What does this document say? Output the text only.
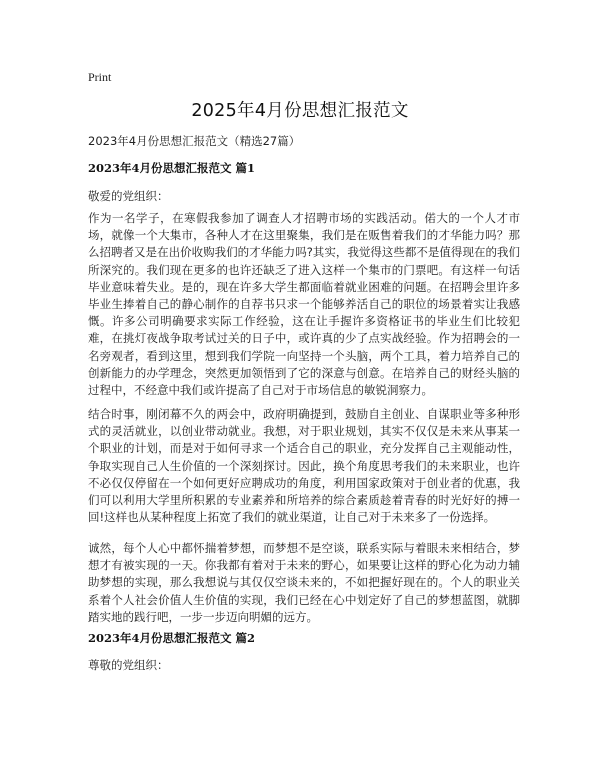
Print
2025年4月份思想汇报范文
2023年4月份思想汇报范文（精选27篇）
2023年4月份思想汇报范文 篇1
敬爱的党组织：
作为一名学子，在寒假我参加了调查人才招聘市场的实践活动。偌大的一个人才市场，就像一个大集市，各种人才在这里聚集，我们是在贩售着我们的才华能力吗？那么招聘者又是在出价收购我们的才华能力吗?其实，我觉得这些都不是值得现在的我们所深究的。我们现在更多的也许还缺乏了进入这样一个集市的门票吧。有这样一句话毕业意味着失业。是的，现在许多大学生都面临着就业困难的问题。在招聘会里许多毕业生捧着自己的静心制作的自荐书只求一个能够养活自己的职位的场景着实让我感慨。许多公司明确要求实际工作经验，这在让手握许多资格证书的毕业生们比较犯难，在挑灯夜战争取考试过关的日子中，或许真的少了点实战经验。作为招聘会的一名旁观者，看到这里，想到我们学院一向坚持一个头脑，两个工具，着力培养自己的创新能力的办学理念，突然更加领悟到了它的深意与创意。在培养自己的财经头脑的过程中，不经意中我们或许提高了自己对于市场信息的敏锐洞察力。
结合时事，刚闭幕不久的两会中，政府明确提到，鼓励自主创业、自谋职业等多种形式的灵活就业，以创业带动就业。我想，对于职业规划，其实不仅仅是未来从事某一个职业的计划，而是对于如何寻求一个适合自己的职业，充分发挥自己主观能动性，争取实现自己人生价值的一个深刻探讨。因此，换个角度思考我们的未来职业，也许不必仅仅停留在一个如何更好应聘成功的角度，利用国家政策对于创业者的优惠，我们可以利用大学里所积累的专业素养和所培养的综合素质趁着青春的时光好好的搏一回!这样也从某种程度上拓宽了我们的就业渠道，让自己对于未来多了一份选择。
诚然，每个人心中都怀揣着梦想，而梦想不是空谈，联系实际与着眼未来相结合，梦想才有被实现的一天。你我都有着对于未来的野心，如果要让这样的野心化为动力辅助梦想的实现，那么我想说与其仅仅空谈未来的，不如把握好现在的。个人的职业关系着个人社会价值人生价值的实现，我们已经在心中划定好了自己的梦想蓝图，就脚踏实地的践行吧，一步一步迈向明媚的远方。
2023年4月份思想汇报范文 篇2
尊敬的党组织：
